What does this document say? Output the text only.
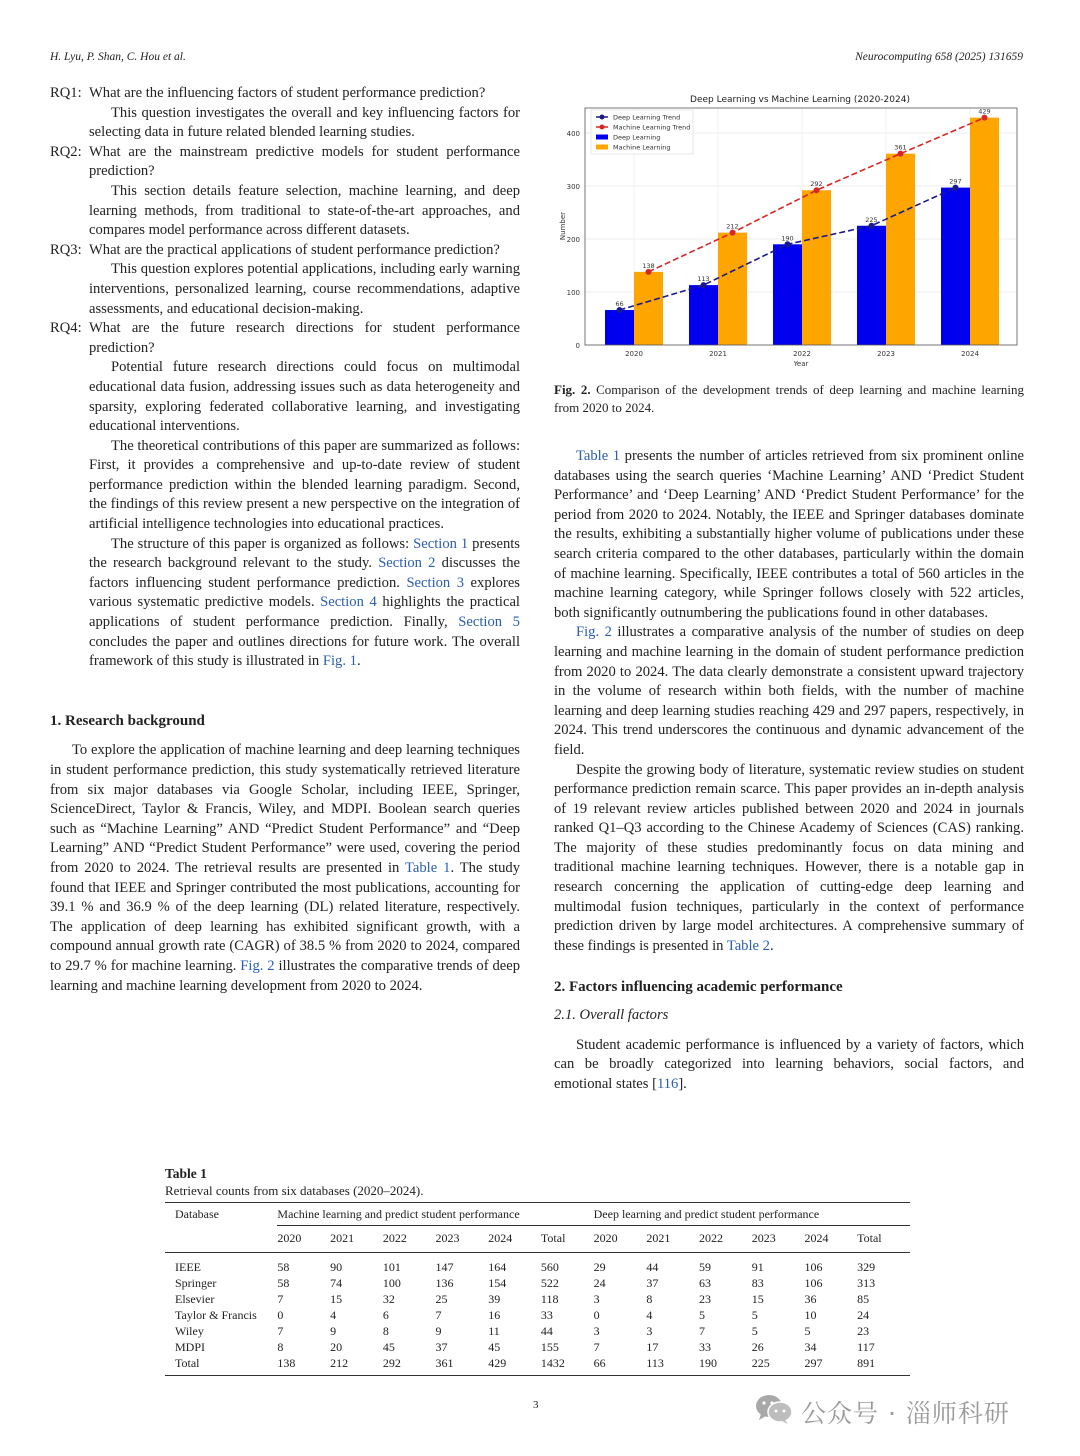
H. Lyu, P. Shan, C. Hou et al.	Neurocomputing 658 (2025) 131659
RQ1: What are the influencing factors of student performance prediction?
This question investigates the overall and key influencing factors for selecting data in future related blended learning studies.
RQ2: What are the mainstream predictive models for student performance prediction?
This section details feature selection, machine learning, and deep learning methods, from traditional to state-of-the-art approaches, and compares model performance across different datasets.
RQ3: What are the practical applications of student performance prediction?
This question explores potential applications, including early warning interventions, personalized learning, course recommendations, adaptive assessments, and educational decision-making.
RQ4: What are the future research directions for student performance prediction?
Potential future research directions could focus on multimodal educational data fusion, addressing issues such as data heterogeneity and sparsity, exploring federated collaborative learning, and investigating educational interventions.

The theoretical contributions of this paper are summarized as follows: First, it provides a comprehensive and up-to-date review of student performance prediction within the blended learning paradigm. Second, the findings of this review present a new perspective on the integration of artificial intelligence technologies into educational practices.

The structure of this paper is organized as follows: Section 1 presents the research background relevant to the study. Section 2 discusses the factors influencing student performance prediction. Section 3 explores various systematic predictive models. Section 4 highlights the practical applications of student performance prediction. Finally, Section 5 concludes the paper and outlines directions for future work. The overall framework of this study is illustrated in Fig. 1.

1. Research background

To explore the application of machine learning and deep learning techniques in student performance prediction, this study systematically retrieved literature from six major databases via Google Scholar, including IEEE, Springer, ScienceDirect, Taylor & Francis, Wiley, and MDPI. Boolean search queries such as “Machine Learning” AND “Predict Student Performance” and “Deep Learning” AND “Predict Student Performance” were used, covering the period from 2020 to 2024. The retrieval results are presented in Table 1. The study found that IEEE and Springer contributed the most publications, accounting for 39.1 % and 36.9 % of the deep learning (DL) related literature, respectively. The application of deep learning has exhibited significant growth, with a compound annual growth rate (CAGR) of 38.5 % from 2020 to 2024, compared to 29.7 % for machine learning. Fig. 2 illustrates the comparative trends of deep learning and machine learning development from 2020 to 2024.

Deep Learning vs Machine Learning (2020-2024)
0
100
200
300
400
2020	2021	2022	2023	2024
66
113
190
225
297
138
212
292
361
429
Year
Number
Deep Learning Trend
Machine Learning Trend
Deep Learning
Machine Learning
Fig. 2. Comparison of the development trends of deep learning and machine learning from 2020 to 2024.

Table 1 presents the number of articles retrieved from six prominent online databases using the search queries ‘Machine Learning’ AND ‘Predict Student Performance’ and ‘Deep Learning’ AND ‘Predict Student Performance’ for the period from 2020 to 2024. Notably, the IEEE and Springer databases dominate the results, exhibiting a substantially higher volume of publications under these search criteria compared to the other databases, particularly within the domain of machine learning. Specifically, IEEE contributes a total of 560 articles in the machine learning category, while Springer follows closely with 522 articles, both significantly outnumbering the publications found in other databases.

Fig. 2 illustrates a comparative analysis of the number of studies on deep learning and machine learning in the domain of student performance prediction from 2020 to 2024. The data clearly demonstrate a consistent upward trajectory in the volume of research within both fields, with the number of machine learning and deep learning studies reaching 429 and 297 papers, respectively, in 2024. This trend underscores the continuous and dynamic advancement of the field.

Despite the growing body of literature, systematic review studies on student performance prediction remain scarce. This paper provides an in-depth analysis of 19 relevant review articles published between 2020 and 2024 in journals ranked Q1–Q3 according to the Chinese Academy of Sciences (CAS) ranking. The majority of these studies predominantly focus on data mining and traditional machine learning techniques. However, there is a notable gap in research concerning the application of cutting-edge deep learning and multimodal fusion techniques, particularly in the context of performance prediction driven by large model architectures. A comprehensive summary of these findings is presented in Table 2.

2. Factors influencing academic performance
2.1. Overall factors

Student academic performance is influenced by a variety of factors, which can be broadly categorized into learning behaviors, social factors, and emotional states [116].

Table 1
Retrieval counts from six databases (2020–2024).
Database	Machine learning and predict student performance						Deep learning and predict student performance					
	2020	2021	2022	2023	2024	Total	2020	2021	2022	2023	2024	Total
IEEE	58	90	101	147	164	560	29	44	59	91	106	329
Springer	58	74	100	136	154	522	24	37	63	83	106	313
Elsevier	7	15	32	25	39	118	3	8	23	15	36	85
Taylor & Francis	0	4	6	7	16	33	0	4	5	5	10	24
Wiley	7	9	8	9	11	44	3	3	7	5	5	23
MDPI	8	20	45	37	45	155	7	17	33	26	34	117
Total	138	212	292	361	429	1432	66	113	190	225	297	891
3	公众号 · 淄师科研
